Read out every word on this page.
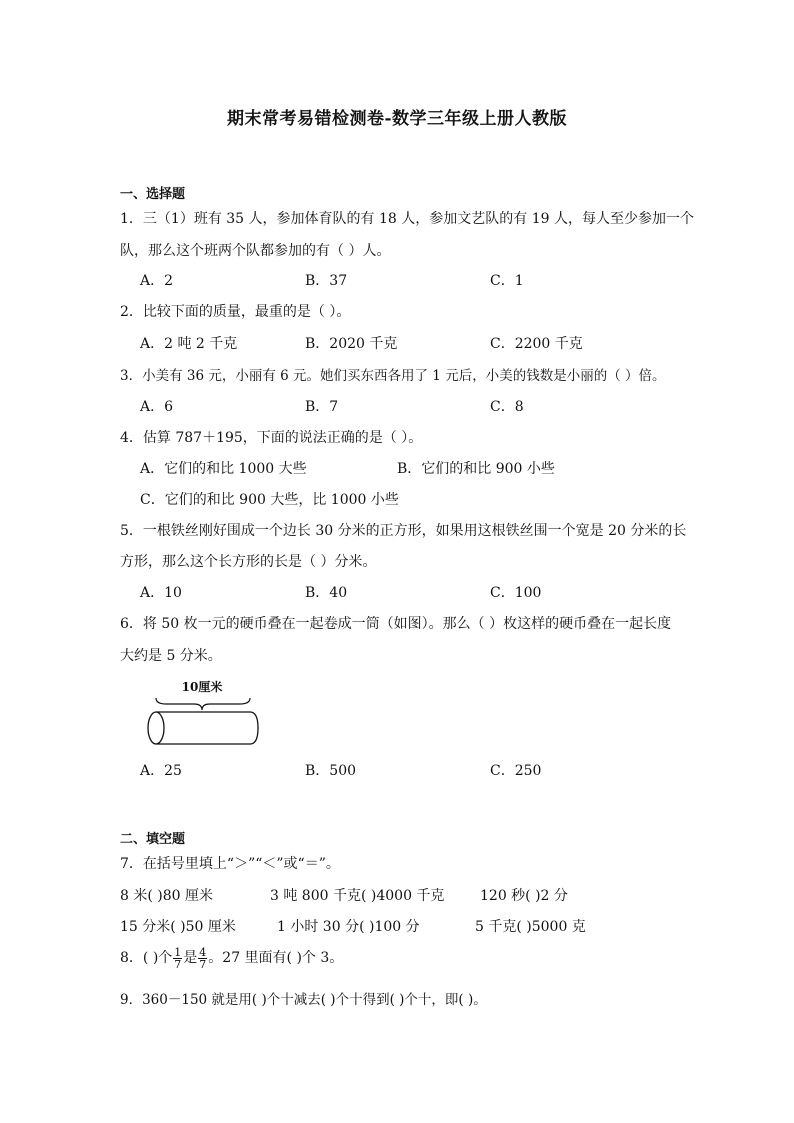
期末常考易错检测卷-数学三年级上册人教版
一、选择题
1．三（1）班有 35 人，参加体育队的有 18 人，参加文艺队的有 19 人，每人至少参加一个
队，那么这个班两个队都参加的有（ ）人。
A．2	B．37	C．1
2．比较下面的质量，最重的是（ ）。
A．2 吨 2 千克	B．2020 千克	C．2200 千克
3．小美有 36 元，小丽有 6 元。她们买东西各用了 1 元后，小美的钱数是小丽的（ ）倍。
A．6	B．7	C．8
4．估算 787＋195，下面的说法正确的是（ ）。
A．它们的和比 1000 大些	B．它们的和比 900 小些
C．它们的和比 900 大些，比 1000 小些
5．一根铁丝刚好围成一个边长 30 分米的正方形，如果用这根铁丝围一个宽是 20 分米的长
方形，那么这个长方形的长是（ ）分米。
A．10	B．40	C．100
6．将 50 枚一元的硬币叠在一起卷成一筒（如图）。那么（ ）枚这样的硬币叠在一起长度
大约是 5 分米。
10厘米
A．25	B．500	C．250
二、填空题
7．在括号里填上“＞”“＜”或“＝”。
8 米( )80 厘米	3 吨 800 千克( )4000 千克	120 秒( )2 分
15 分米( )50 厘米	1 小时 30 分( )100 分	5 千克( )5000 克
8．( )个 $\frac{1}{7}$ 是 $\frac{4}{7}$ 。27 里面有( )个 3。
9．360－150 就是用( )个十减去( )个十得到( )个十，即( )。
